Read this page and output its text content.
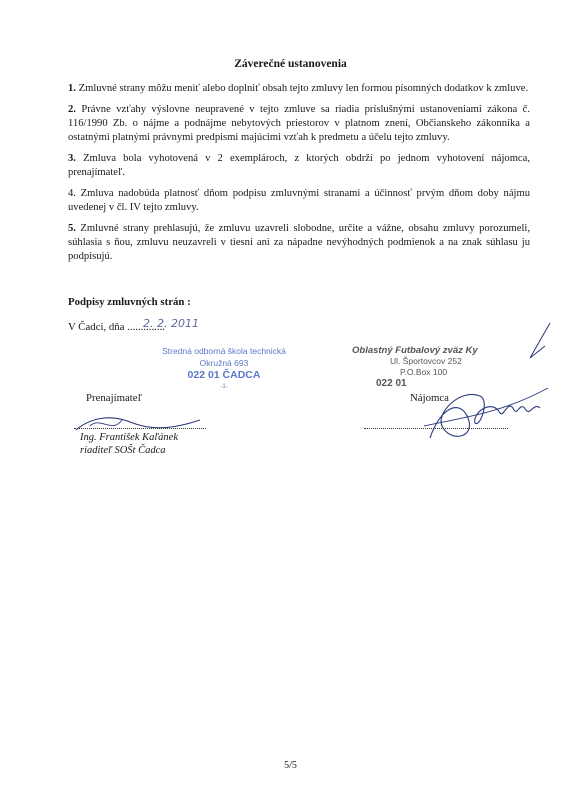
Záverečné ustanovenia

1. Zmluvné strany môžu meniť alebo doplniť obsah tejto zmluvy len formou písomných dodatkov k zmluve.

2. Právne vzťahy výslovne neupravené v tejto zmluve sa riadia príslušnými ustanoveniami zákona č. 116/1990 Zb. o nájme a podnájme nebytových priestorov v platnom znení, Občianskeho zákonníka a ostatnými platnými právnymi predpismi majúcimi vzťah k predmetu a účelu tejto zmluvy.

3. Zmluva bola vyhotovená v 2 exemplároch, z ktorých obdrží po jednom vyhotovení nájomca, prenajímateľ.

4. Zmluva nadobúda platnosť dňom podpisu zmluvnými stranami a účinnosť prvým dňom doby nájmu uvedenej v čl. IV tejto zmluvy.

5. Zmluvné strany prehlasujú, že zmluvu uzavreli slobodne, určite a vážne, obsahu zmluvy porozumeli, súhlasia s ňou, zmluvu neuzavreli v tiesni ani za nápadne nevýhodných podmienok a na znak súhlasu ju podpisujú.

Podpisy zmluvných strán :
V Čadci, dňa ..............
2. 2. 2011
Stredná odborná škola technická
Okružná 693
022 01 ČADCA
-1-
Oblastný Futbalový zväz Ky
Ul. Športovcov 252
P.O.Box 100
022 01
Prenajímateľ	Nájomca
Ing. František Kaľánek
riaditeľ SOŠt Čadca
5/5
